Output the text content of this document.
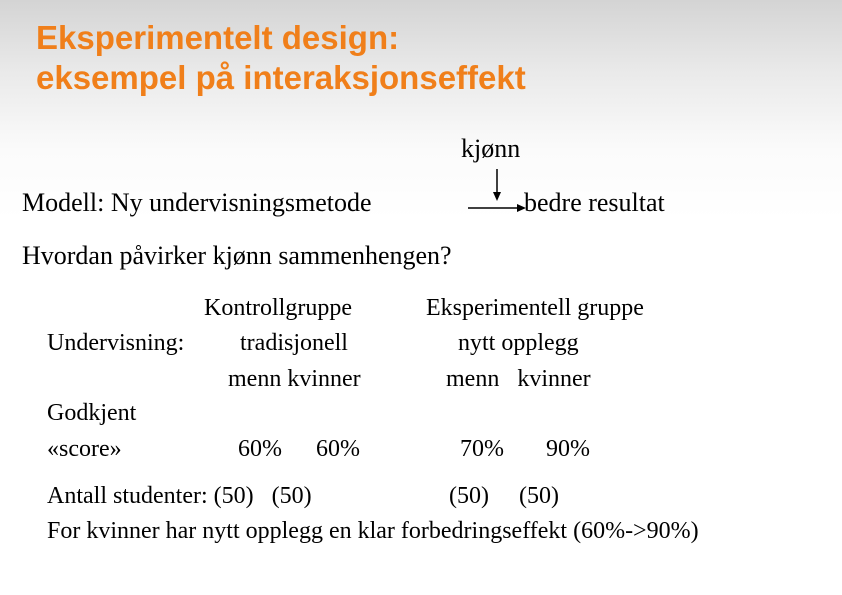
Eksperimentelt design:
eksempel på interaksjonseffekt
kjønn
Modell: Ny undervisningsmetode	bedre resultat
Hvordan påvirker kjønn sammenhengen?
Kontrollgruppe	Eksperimentell gruppe
Undervisning: tradisjonell	nytt opplegg
menn kvinner	menn   kvinner
Godkjent
«score»	60% 60%	70% 90%
Antall studenter: (50)   (50)	(50)     (50)
For kvinner har nytt opplegg en klar forbedringseffekt (60%->90%)
